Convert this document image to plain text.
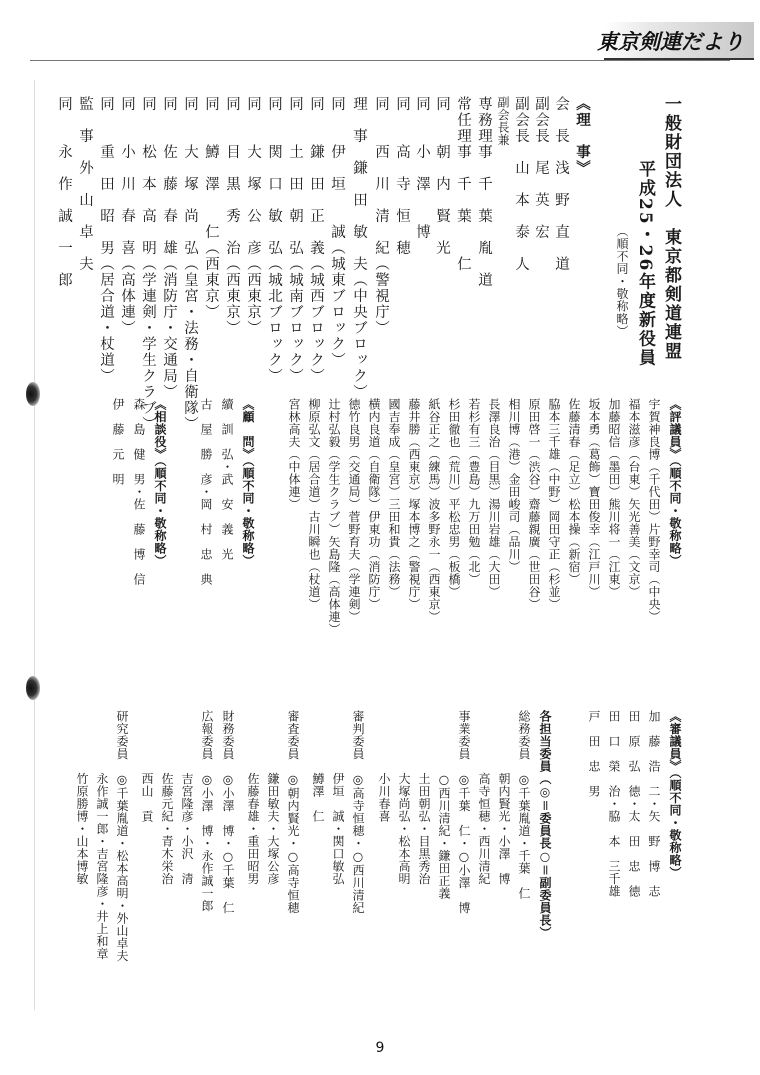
東京剣連だより
一般財団法人　東京都剣道連盟
平成25・26年度新役員
（順不同・敬称略）
《理　事》
会　長　浅　野　直　道
副会長　尾　英　宏
副会長　山　本　泰　人
副会長兼
専務理事　千　葉　胤　道
常任理事　千　葉　　仁
同　　朝　内　賢　光
同　　小　澤　　博
同　　高　寺　恒　穂
同　　西　川　清　紀（警視庁）
理　事　鎌　田　敏　夫（中央ブロック）
同　　伊　垣　　誠（城東ブロック）
同　　鎌　田　正　義（城西ブロック）
同　　土　田　朝　弘（城南ブロック）
同　　関　口　敏　弘（城北ブロック）
同　　大　塚　公　彦（西東京）
同　　目　黒　秀　治（西東京）
同　　鱒　澤　　仁（西東京）
同　　大　塚　尚　弘（皇宮・法務・自衛隊）
同　　佐　藤　春　雄（消防庁・交通局）
同　　松　本　高　明（学連剣・学生クラブ）
同　　小　川　春　喜（高体連）
同　　重　田　昭　男（居合道・杖道）
監　事　外　山　卓　夫
同　　永　作　誠　一　郎
《評議員》（順不同・敬称略）
宇賀神良博（千代田）片野幸司（中央）
福本滋彦（台東）矢光善美（文京）
加藤昭信（墨田）熊川将一（江東）
坂本勇（葛飾）寶田俊幸（江戸川）
佐藤清春（足立）松本操（新宿）
脇本三千雄（中野）岡田守正（杉並）
原田啓一（渋谷）齋藤親廣（世田谷）
相川博（港）金田峻司（品川）
長澤良治（目黒）湯川岩雄（大田）
若杉有三（豊島）九万田勉（北）
杉田徹也（荒川）平松忠男（板橋）
紙谷正之（練馬）波多野永一（西東京）
藤井勝（西東京）塚本博之（警視庁）
國吉奉成（皇宮）三田和貴（法務）
横内良道（自衛隊）伊東功（消防庁）
徳竹良男（交通局）菅野育夫（学連剣）
辻村弘毅（学生クラブ）矢島隆（高体連）
柳原弘文（居合道）古川瞬也（杖道）
宮林高夫（中体連）
《顧　問》（順不同・敬称略）
續　訓　弘・武　安　義　光
古　屋　勝　彦・岡　村　忠　典
《相談役》（順不同・敬称略）
森　島　健　男・佐　藤　博　信
伊　藤　元　明
《審議員》（順不同・敬称略）
加　藤　浩　二・矢　野　博　志
田　原　弘　徳・太　田　忠　徳
田　口　榮　治・脇　本　三千雄
戸　田　忠　男
各担当委員（◎＝委員長○＝副委員長）
総務委員　◎千葉胤道・千葉　仁
　　　　　朝内賢光・小澤　博
　　　　　高寺恒穂・西川清紀
事業委員　◎千葉　仁・○小澤　博
　　　　　○西川清紀・鎌田正義
　　　　　土田朝弘・目黒秀治
　　　　　大塚尚弘・松本高明
　　　　　小川春喜
審判委員　◎高寺恒穂・○西川清紀
　　　　　伊垣　誠・関口敏弘
　　　　　鱒澤　仁
審査委員　◎朝内賢光・○高寺恒穂
　　　　　鎌田敏夫・大塚公彦
　　　　　佐藤春雄・重田昭男
財務委員　◎小澤　博・○千葉　仁
広報委員　◎小澤　博・永作誠一郎
　　　　　吉宮隆彦・小沢　清
　　　　　佐藤元紀・青木栄治
　　　　　西山　貢
研究委員　◎千葉胤道・松本高明・外山卓夫
　　　　　永作誠一郎・吉宮隆彦・井上和章
　　　　　竹原勝博・山本博敏
9
